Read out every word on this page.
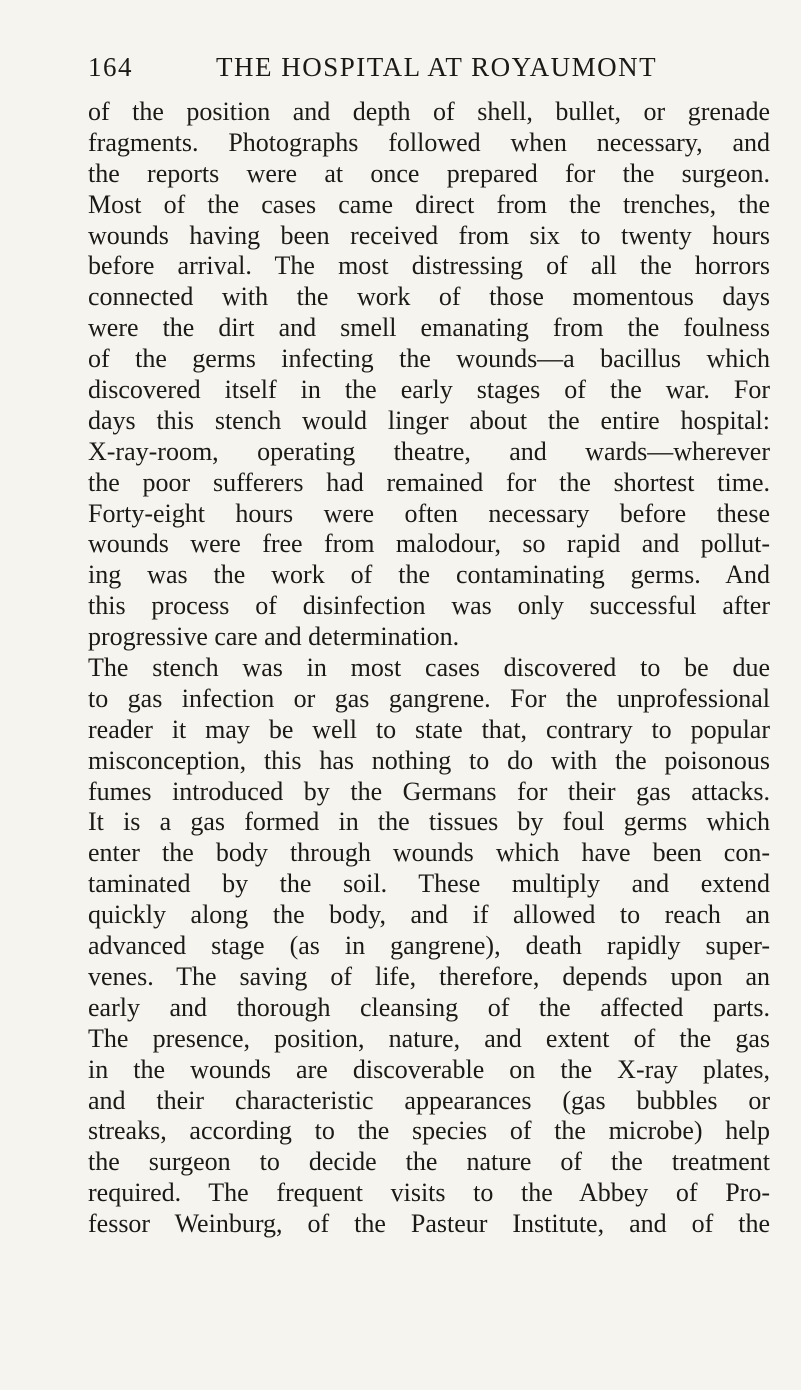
164	THE HOSPITAL AT ROYAUMONT
of the position and depth of shell, bullet, or grenade
fragments. Photographs followed when necessary, and
the reports were at once prepared for the surgeon.
Most of the cases came direct from the trenches, the
wounds having been received from six to twenty hours
before arrival. The most distressing of all the horrors
connected with the work of those momentous days
were the dirt and smell emanating from the foulness
of the germs infecting the wounds—a bacillus which
discovered itself in the early stages of the war. For
days this stench would linger about the entire hospital:
X-ray-room, operating theatre, and wards—wherever
the poor sufferers had remained for the shortest time.
Forty-eight hours were often necessary before these
wounds were free from malodour, so rapid and pollut-
ing was the work of the contaminating germs. And
this process of disinfection was only successful after
progressive care and determination.
The stench was in most cases discovered to be due
to gas infection or gas gangrene. For the unprofessional
reader it may be well to state that, contrary to popular
misconception, this has nothing to do with the poisonous
fumes introduced by the Germans for their gas attacks.
It is a gas formed in the tissues by foul germs which
enter the body through wounds which have been con-
taminated by the soil. These multiply and extend
quickly along the body, and if allowed to reach an
advanced stage (as in gangrene), death rapidly super-
venes. The saving of life, therefore, depends upon an
early and thorough cleansing of the affected parts.
The presence, position, nature, and extent of the gas
in the wounds are discoverable on the X-ray plates,
and their characteristic appearances (gas bubbles or
streaks, according to the species of the microbe) help
the surgeon to decide the nature of the treatment
required. The frequent visits to the Abbey of Pro-
fessor Weinburg, of the Pasteur Institute, and of the
